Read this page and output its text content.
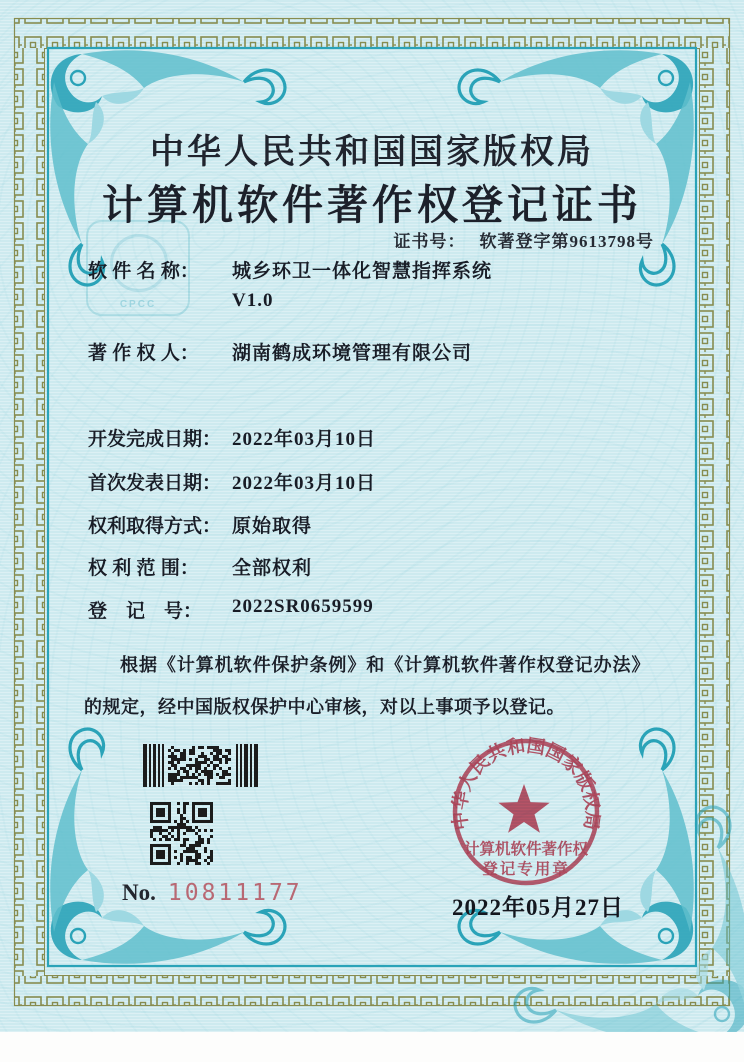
CPCC
中华人民共和国国家版权局
计算机软件著作权登记证书
证书号： 软著登字第9613798号
软 件 名 称： 城乡环卫一体化智慧指挥系统
V1.0
著 作 权 人： 湖南鹤成环境管理有限公司
开发完成日期： 2022年03月10日
首次发表日期： 2022年03月10日
权利取得方式： 原始取得
权 利 范 围： 全部权利
登　记　号： 2022SR0659599
根据《计算机软件保护条例》和《计算机软件著作权登记办法》的规定，经中国版权保护中心审核，对以上事项予以登记。
No. 10811177
中华人民共和国国家版权局
计算机软件著作权
登记专用章
2022年05月27日
